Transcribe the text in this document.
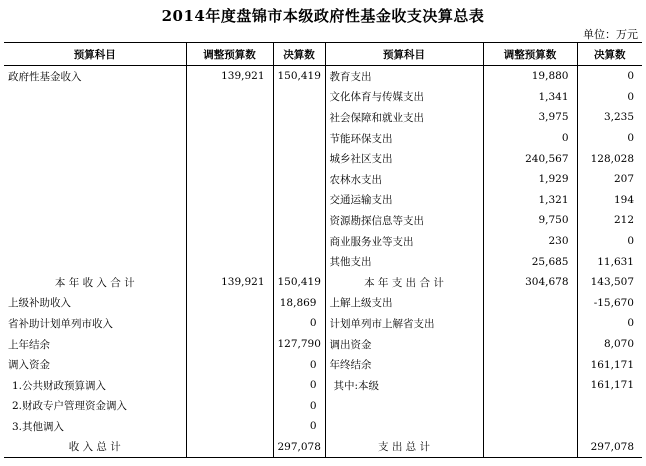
2014年度盘锦市本级政府性基金收支决算总表
单位：万元
预算科目	调整预算数	决算数	预算科目	调整预算数	决算数
政府性基金收入	139,921	150,419	教育支出	19,880	0
			文化体育与传媒支出	1,341	0
			社会保障和就业支出	3,975	3,235
			节能环保支出	0	0
			城乡社区支出	240,567	128,028
			农林水支出	1,929	207
			交通运输支出	1,321	194
			资源勘探信息等支出	9,750	212
			商业服务业等支出	230	0
			其他支出	25,685	11,631
本 年 收 入 合 计	139,921	150,419	本 年 支 出 合 计	304,678	143,507
上级补助收入		18,869	上解上级支出		-15,670
省补助计划单列市收入		0	计划单列市上解省支出		0
上年结余		127,790	调出资金		8,070
调入资金		0	年终结余		161,171
1.公共财政预算调入		0	其中:本级		161,171
2.财政专户管理资金调入		0			
3.其他调入		0			
收 入 总 计		297,078	支 出 总 计		297,078
